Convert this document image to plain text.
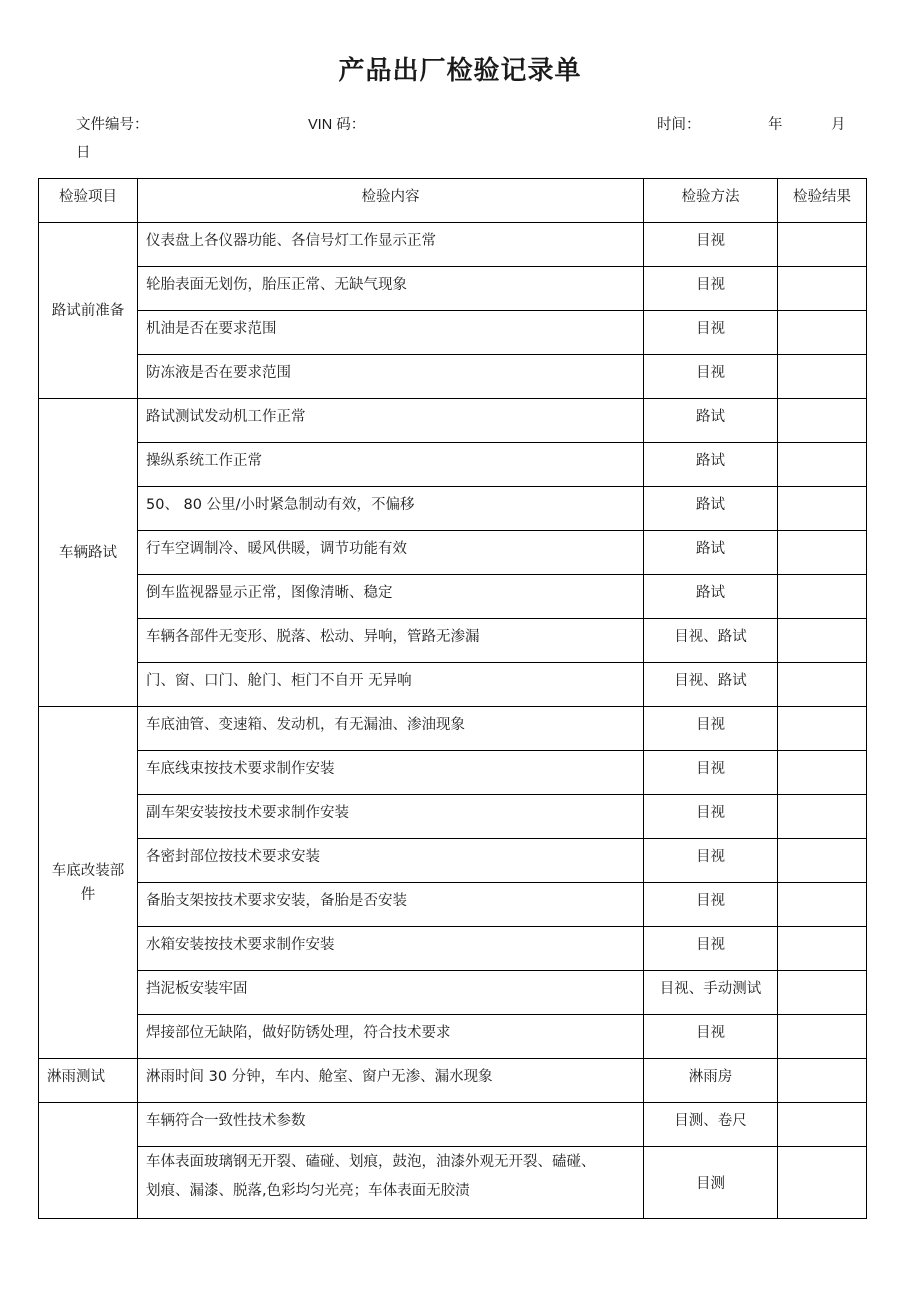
产品出厂检验记录单
文件编号：	VIN 码：	时间：	年	月
日
检验项目	检验内容	检验方法	检验结果
路试前准备	仪表盘上各仪器功能、各信号灯工作显示正常	目视	
	轮胎表面无划伤，胎压正常、无缺气现象	目视	
	机油是否在要求范围	目视	
	防冻液是否在要求范围	目视	
车辆路试	路试测试发动机工作正常	路试	
	操纵系统工作正常	路试	
	50、 80 公里/小时紧急制动有效，不偏移	路试	
	行车空调制冷、暖风供暖，调节功能有效	路试	
	倒车监视器显示正常，图像清晰、稳定	路试	
	车辆各部件无变形、脱落、松动、异响，管路无渗漏	目视、路试	
	门、窗、口门、舱门、柜门不自开 无异响	目视、路试	

车底改装部
件	车底油管、变速箱、发动机，有无漏油、渗油现象	目视	
	车底线束按技术要求制作安装	目视	
	副车架安装按技术要求制作安装	目视	
	各密封部位按技术要求安装	目视	
	备胎支架按技术要求安装，备胎是否安装	目视	
	水箱安装按技术要求制作安装	目视	
	挡泥板安装牢固	目视、手动测试	
	焊接部位无缺陷，做好防锈处理，符合技术要求	目视	
淋雨测试	淋雨时间 30 分钟，车内、舱室、窗户无渗、漏水现象	淋雨房	
	车辆符合一致性技术参数	目测、卷尺	

	车体表面玻璃钢无开裂、磕碰、划痕，鼓泡，油漆外观无开裂、磕碰、
划痕、漏漆、脱落,色彩均匀光亮；车体表面无胶渍	目测	
